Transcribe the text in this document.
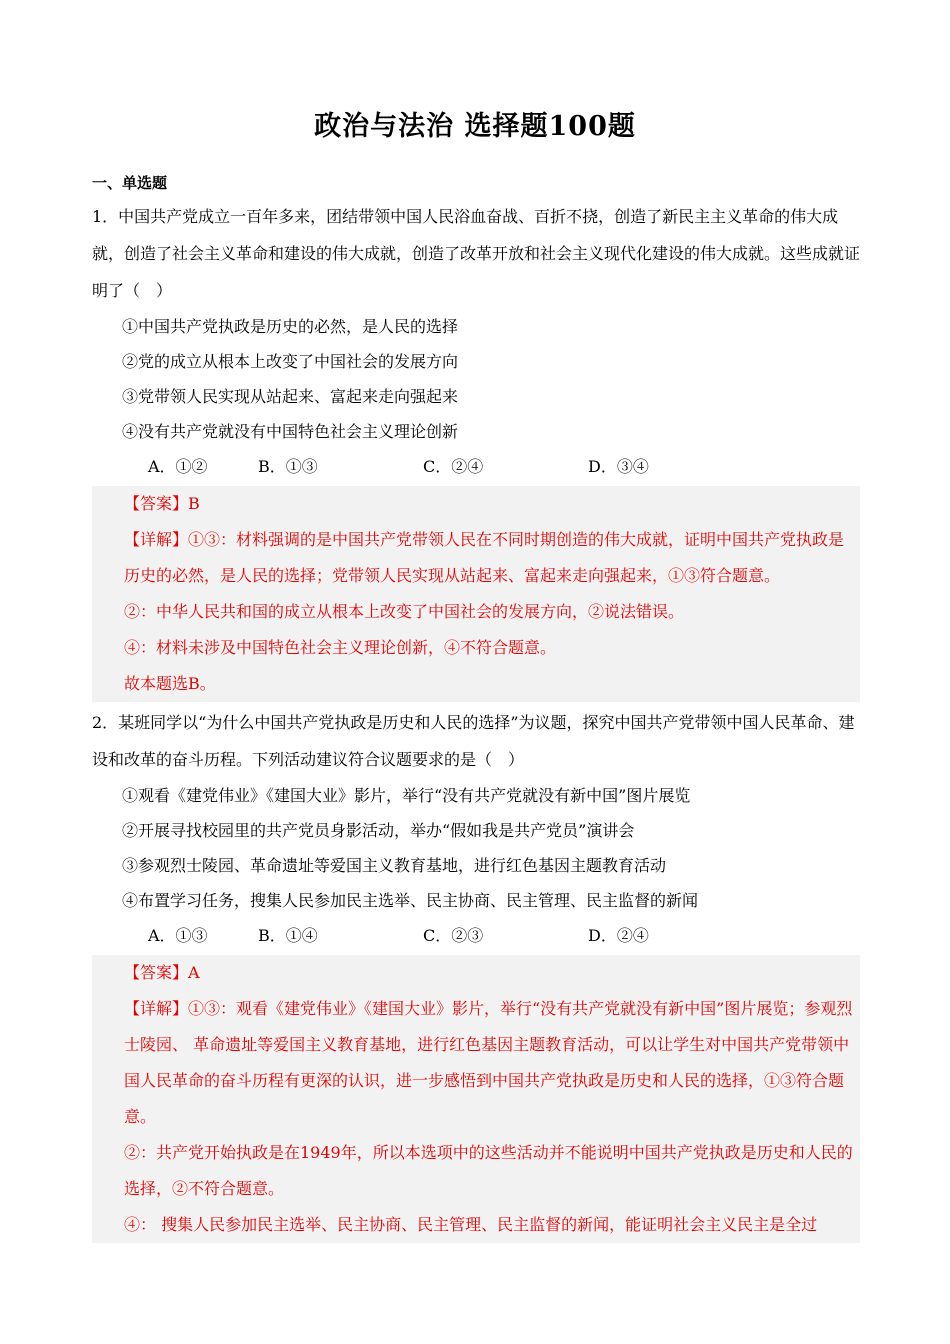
政治与法治 选择题100题
一、单选题

1．中国共产党成立一百年多来，团结带领中国人民浴血奋战、百折不挠，创造了新民主主义革命的伟大成就，创造了社会主义革命和建设的伟大成就，创造了改革开放和社会主义现代化建设的伟大成就。这些成就证明了（　）

①中国共产党执政是历史的必然，是人民的选择
②党的成立从根本上改变了中国社会的发展方向
③党带领人民实现从站起来、富起来走向强起来
④没有共产党就没有中国特色社会主义理论创新
A．①②	B．①③	C．②④	D．③④

【答案】B

【详解】①③：材料强调的是中国共产党带领人民在不同时期创造的伟大成就，证明中国共产党执政是历史的必然，是人民的选择；党带领人民实现从站起来、富起来走向强起来，①③符合题意。

②：中华人民共和国的成立从根本上改变了中国社会的发展方向，②说法错误。

④：材料未涉及中国特色社会主义理论创新，④不符合题意。

故本题选B。

2．某班同学以“为什么中国共产党执政是历史和人民的选择”为议题，探究中国共产党带领中国人民革命、建设和改革的奋斗历程。下列活动建议符合议题要求的是（　）

①观看《建党伟业》《建国大业》影片，举行“没有共产党就没有新中国”图片展览
②开展寻找校园里的共产党员身影活动，举办“假如我是共产党员”演讲会
③参观烈士陵园、革命遗址等爱国主义教育基地，进行红色基因主题教育活动
④布置学习任务，搜集人民参加民主选举、民主协商、民主管理、民主监督的新闻
A．①③	B．①④	C．②③	D．②④

【答案】A

【详解】①③：观看《建党伟业》《建国大业》影片，举行“没有共产党就没有新中国”图片展览；参观烈士陵园、 革命遗址等爱国主义教育基地，进行红色基因主题教育活动，可以让学生对中国共产党带领中国人民革命的奋斗历程有更深的认识，进一步感悟到中国共产党执政是历史和人民的选择，①③符合题意。

②：共产党开始执政是在1949年，所以本选项中的这些活动并不能说明中国共产党执政是历史和人民的选择，②不符合题意。

④： 搜集人民参加民主选举、民主协商、民主管理、民主监督的新闻，能证明社会主义民主是全过
